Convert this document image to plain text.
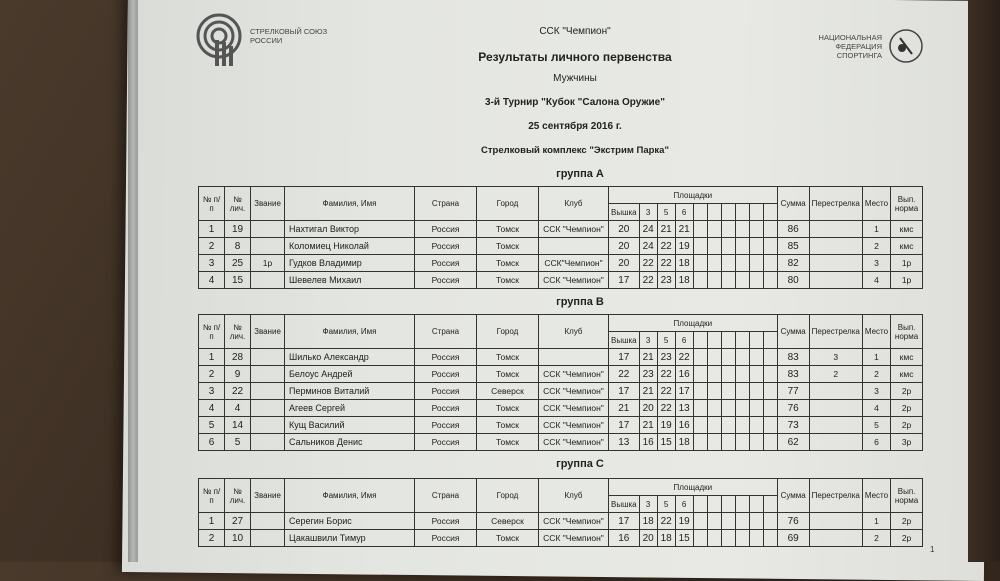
СТРЕЛКОВЫЙ СОЮЗ
РОССИИ	НАЦИОНАЛЬНАЯ ФЕДЕРАЦИЯ
СПОРТИНГА
ССК "Чемпион"
Результаты личного первенства
Мужчины
3-й Турнир "Кубок "Салона Оружие"
25 сентября 2016 г.
Стрелковый комплекс "Экстрим Парка"
группа А
№ п/п	№ лич.	Звание	Фамилия, Имя	Страна	Город	Клуб	Площадки										Сумма	Перестрелка	Место	Вып. норма
							Вышка	3	5	6										
1	19		Нахтигал Виктор	Россия	Томск	ССК "Чемпион"	20	24	21	21							86		1	кмс
2	8		Коломиец Николай	Россия	Томск		20	24	22	19							85		2	кмс
3	25	1р	Гудков Владимир	Россия	Томск	ССК"Чемпион"	20	22	22	18							82		3	1р
4	15		Шевелев Михаил	Россия	Томск	ССК "Чемпион"	17	22	23	18							80		4	1р
группа В
№ п/п	№ лич.	Звание	Фамилия, Имя	Страна	Город	Клуб	Площадки										Сумма	Перестрелка	Место	Вып. норма
							Вышка	3	5	6										
1	28		Шилько Александр	Россия	Томск		17	21	23	22							83	3	1	кмс
2	9		Белоус Андрей	Россия	Томск	ССК "Чемпион"	22	23	22	16							83	2	2	кмс
3	22		Перминов Виталий	Россия	Северск	ССК "Чемпион"	17	21	22	17							77		3	2р
4	4		Агеев Сергей	Россия	Томск	ССК "Чемпион"	21	20	22	13							76		4	2р
5	14		Кущ Василий	Россия	Томск	ССК "Чемпион"	17	21	19	16							73		5	2р
6	5		Сальников Денис	Россия	Томск	ССК "Чемпион"	13	16	15	18							62		6	3р
группа С
№ п/п	№ лич.	Звание	Фамилия, Имя	Страна	Город	Клуб	Площадки										Сумма	Перестрелка	Место	Вып. норма
							Вышка	3	5	6										
1	27		Серегин Борис	Россия	Северск	ССК "Чемпион"	17	18	22	19							76		1	2р
2	10		Цакашвили Тимур	Россия	Томск	ССК "Чемпион"	16	20	18	15							69		2	2р
1
